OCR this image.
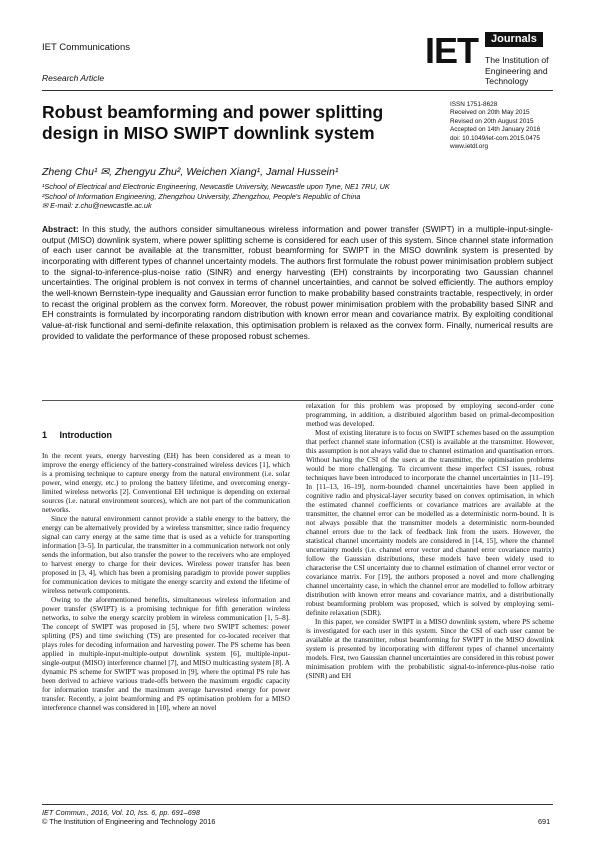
IET Communications
Research Article
IET	Journals
The Institution of
Engineering and Technology
Robust beamforming and power splitting
design in MISO SWIPT downlink system
ISSN 1751-8628
Received on 20th May 2015
Revised on 20th August 2015
Accepted on 14th January 2016
doi: 10.1049/iet-com.2015.0475
www.ietdl.org
Zheng Chu¹ ✉, Zhengyu Zhu², Weichen Xiang¹, Jamal Hussein¹
¹School of Electrical and Electronic Engineering, Newcastle University, Newcastle upon Tyne, NE1 7RU, UK
²School of Information Engineering, Zhengzhou University, Zhengzhou, People's Republic of China
✉ E-mail: z.chu@newcastle.ac.uk
Abstract: In this study, the authors consider simultaneous wireless information and power transfer (SWIPT) in a multiple-input-single-output (MISO) downlink system, where power splitting scheme is considered for each user of this system. Since channel state information of each user cannot be available at the transmitter, robust beamforming for SWIPT in the MISO downlink system is presented by incorporating with different types of channel uncertainty models. The authors first formulate the robust power minimisation problem subject to the signal-to-inference-plus-noise ratio (SINR) and energy harvesting (EH) constraints by incorporating two Gaussian channel uncertainties. The original problem is not convex in terms of channel uncertainties, and cannot be solved efficiently. The authors employ the well-known Bernstein-type inequality and Gaussian error function to make probability based constraints tractable, respectively, in order to recast the original problem as the convex form. Moreover, the robust power minimisation problem with the probability based SINR and EH constraints is formulated by incorporating random distribution with known error mean and covariance matrix. By exploiting conditional value-at-risk functional and semi-definite relaxation, this optimisation problem is relaxed as the convex form. Finally, numerical results are provided to validate the performance of these proposed robust schemes.
1 Introduction

In the recent years, energy harvesting (EH) has been considered as a mean to improve the energy efficiency of the battery-constrained wireless devices [1], which is a promising technique to capture energy from the natural environment (i.e. solar power, wind energy, etc.) to prolong the battery lifetime, and overcoming energy-limited wireless networks [2]. Conventional EH technique is depending on external sources (i.e. natural environment sources), which are not part of the communication networks.

Since the natural environment cannot provide a stable energy to the battery, the energy can be alternatively provided by a wireless transmitter, since radio frequency signal can carry energy at the same time that is used as a vehicle for transporting information [3–5]. In particular, the transmitter in a communication network not only sends the information, but also transfer the power to the receivers who are employed to harvest energy to charge for their devices. Wireless power transfer has been proposed in [3, 4], which has been a promising paradigm to provide power supplies for communication devices to mitigate the energy scarcity and extend the lifetime of wireless network components.

Owing to the aforementioned benefits, simultaneous wireless information and power transfer (SWIPT) is a promising technique for fifth generation wireless networks, to solve the energy scarcity problem in wireless communication [1, 5–8]. The concept of SWIPT was proposed in [5], where two SWIPT schemes: power splitting (PS) and time switching (TS) are presented for co-located receiver that plays roles for decoding information and harvesting power. The PS scheme has been applied in multiple-input-multiple-output downlink system [6], multiple-input-single-output (MISO) interference channel [7], and MISO multicasting system [8]. A dynamic PS scheme for SWIPT was proposed in [9], where the optimal PS rule has been derived to achieve various trade-offs between the maximum ergodic capacity for information transfer and the maximum average harvested energy for power transfer. Recently, a joint beamforming and PS optimisation problem for a MISO interference channel was considered in [10], where an novel

relaxation for this problem was proposed by employing second-order cone programming, in addition, a distributed algorithm based on primal-decomposition method was developed.

Most of existing literature is to focus on SWIPT schemes based on the assumption that perfect channel state information (CSI) is available at the transmitter. However, this assumption is not always valid due to channel estimation and quantisation errors. Without having the CSI of the users at the transmitter, the optimisation problems would be more challenging. To circumvent these imperfect CSI issues, robust techniques have been introduced to incorporate the channel uncertainties in [11–19]. In [11–13, 16–19], norm-bounded channel uncertainties have been applied in cognitive radio and physical-layer security based on convex optimisation, in which the estimated channel coefficients or covariance matrices are available at the transmitter, the channel error can be modelled as a deterministic norm-bound. It is not always possible that the transmitter models a deterministic norm-bounded channel errors due to the lack of feedback link from the users. However, the statistical channel uncertainty models are considered in [14, 15], where the channel uncertainty models (i.e. channel error vector and channel error covariance matrix) follow the Gaussian distributions, these models have been widely used to characterise the CSI uncertainty due to channel estimation of channel error vector or covariance matrix. For [19], the authors proposed a novel and more challenging channel uncertainty case, in which the channel error are modelled to follow arbitrary distribution with known error means and covariance matrix, and a distributionally robust beamforming problem was proposed, which is solved by employing semi-definite relaxation (SDR).

In this paper, we consider SWIPT in a MISO downlink system, where PS scheme is investigated for each user in this system. Since the CSI of each user cannot be available at the transmitter, robust beamforming for SWIPT in the MISO downlink system is presented by incorporating with different types of channel uncertainty models. First, two Gaussian channel uncertainties are considered in this robust power minimisation problem with the probabilistic signal-to-inference-plus-noise ratio (SINR) and EH

IET Commun., 2016, Vol. 10, Iss. 6, pp. 691–698
© The Institution of Engineering and Technology 2016	691
